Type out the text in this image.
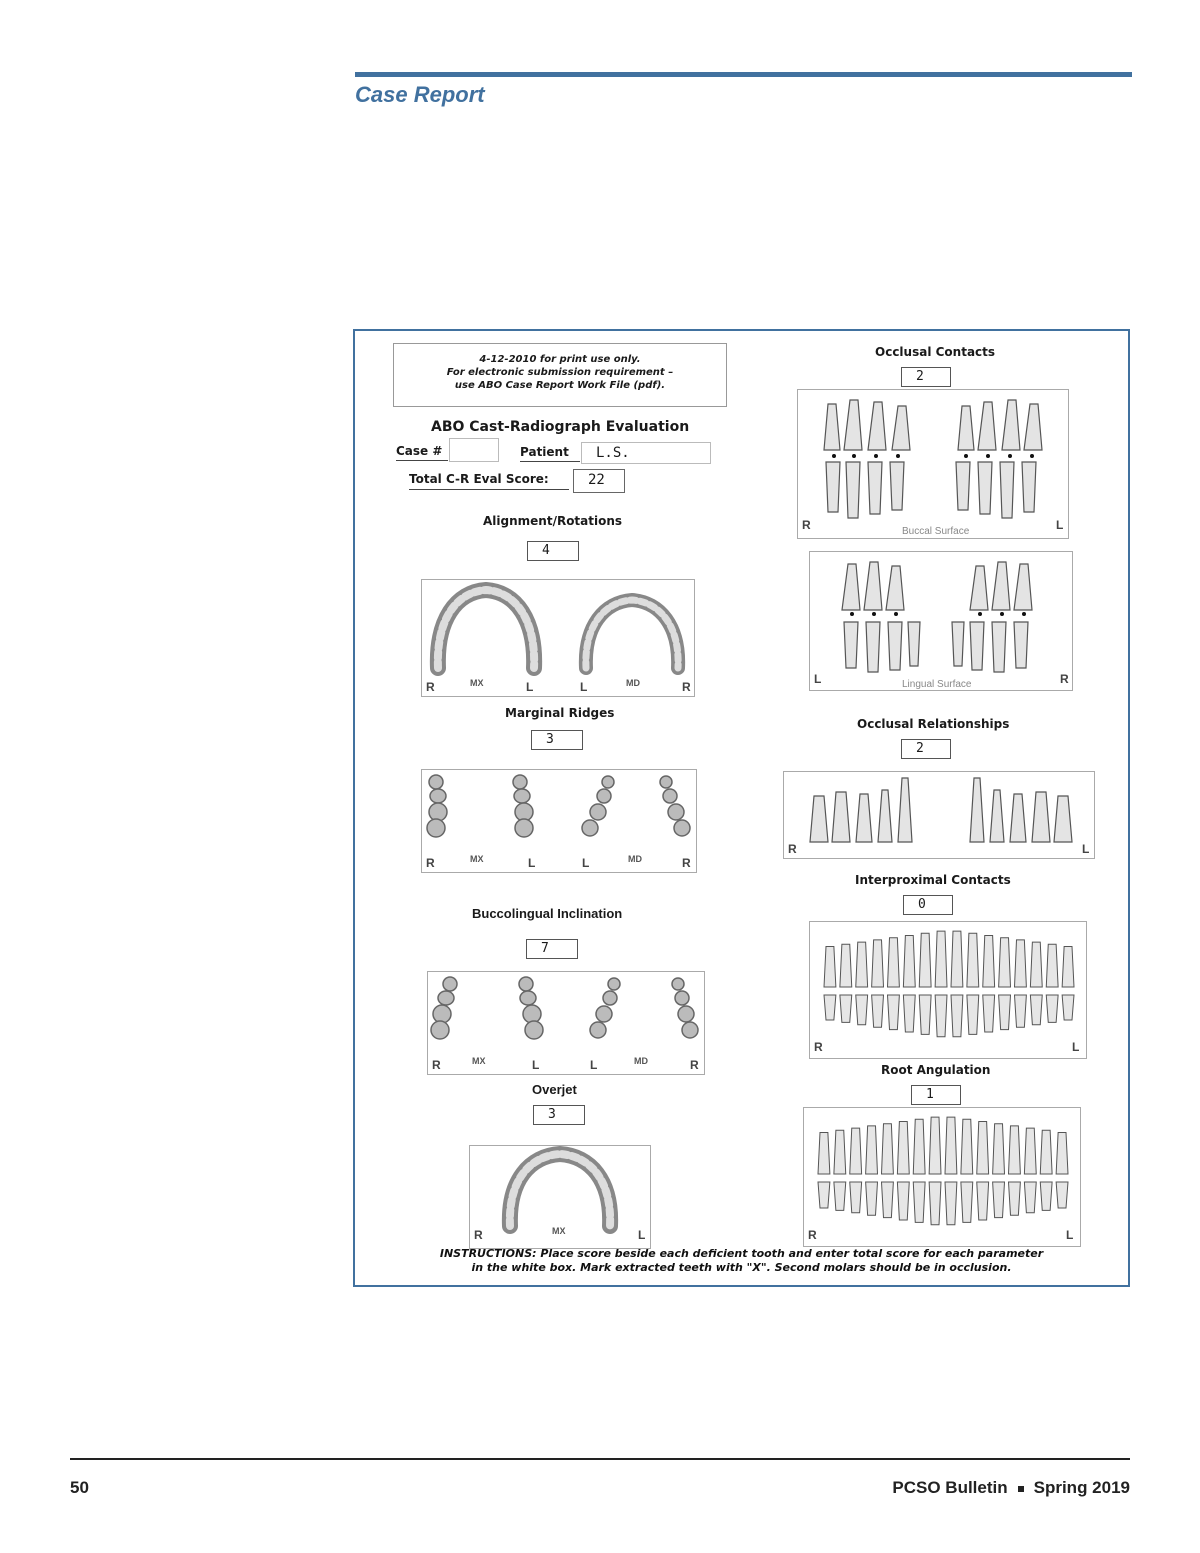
Case Report
4-12-2010 for print use only.
For electronic submission requirement –
use ABO Case Report Work File (pdf).
ABO Cast-Radiograph Evaluation
Case #	Patient	L.S.
Total C-R Eval Score:	22
Alignment/Rotations
4
R	MX	L	L	MD	R
Marginal Ridges
3
R	MX	L	L	MD	R
Buccolingual Inclination
7
R	MX	L	L	MD	R
Overjet
3
R	MX	L
Occlusal Contacts
2
R	Buccal Surface	L
L	Lingual Surface	R
Occlusal Relationships
2
R	L
Interproximal Contacts
0
R	L
Root Angulation
1
R	L
INSTRUCTIONS: Place score beside each deficient tooth and enter total score for each parameter
in the white box. Mark extracted teeth with "X". Second molars should be in occlusion.
50	PCSO Bulletin Spring 2019
